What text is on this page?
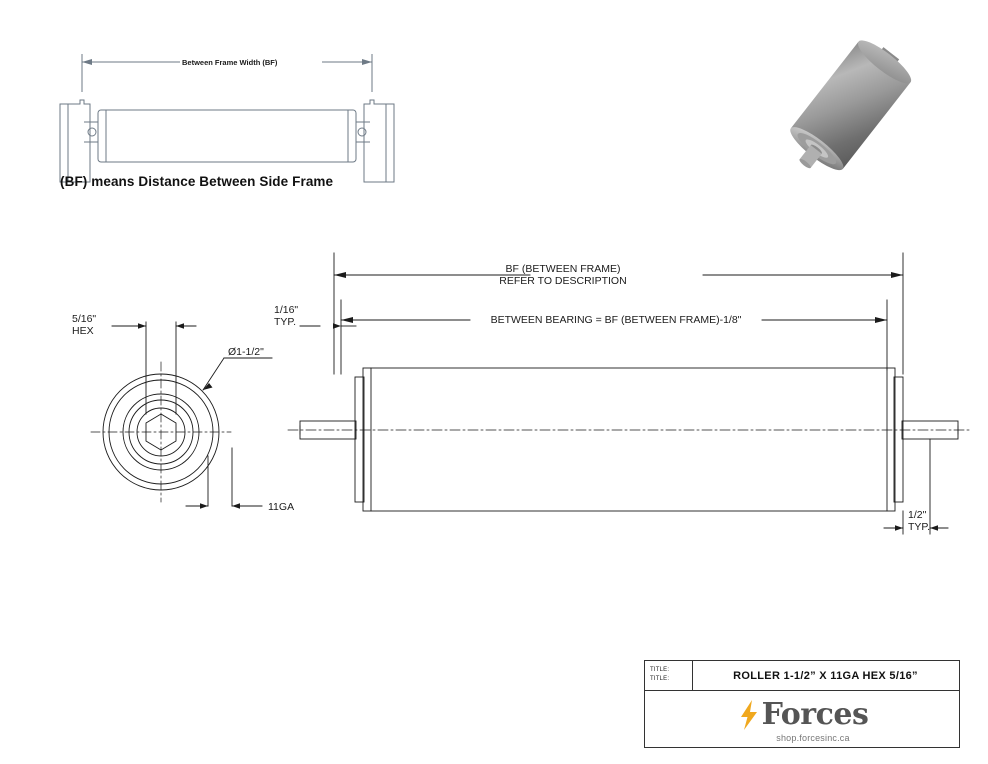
Between Frame Width (BF)
(BF) means Distance Between Side Frame
5/16"
HEX
Ø1-1/2"
11GA
BF (BETWEEN FRAME)
REFER TO DESCRIPTION
BETWEEN BEARING = BF (BETWEEN FRAME)-1/8"
1/16"
TYP.
1/2"
TYP.
TITLE:
TITLE:	ROLLER 1-1/2” X 11GA HEX 5/16”
Forces
shop.forcesinc.ca
